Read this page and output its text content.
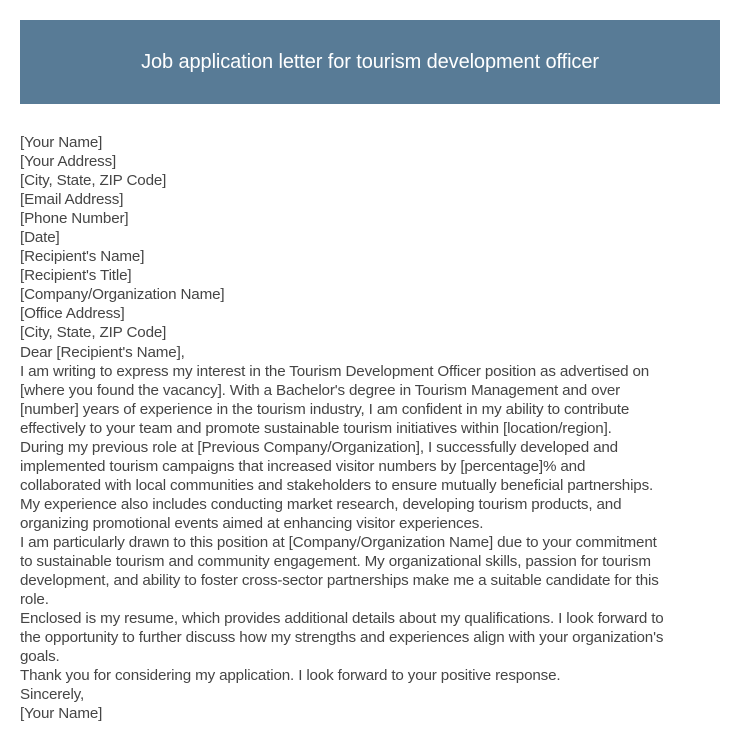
Job application letter for tourism development officer
[Your Name]
[Your Address]
[City, State, ZIP Code]
[Email Address]
[Phone Number]
[Date]
[Recipient's Name]
[Recipient's Title]
[Company/Organization Name]
[Office Address]
[City, State, ZIP Code]
Dear [Recipient's Name],
I am writing to express my interest in the Tourism Development Officer position as advertised on
[where you found the vacancy]. With a Bachelor's degree in Tourism Management and over
[number] years of experience in the tourism industry, I am confident in my ability to contribute
effectively to your team and promote sustainable tourism initiatives within [location/region].
During my previous role at [Previous Company/Organization], I successfully developed and
implemented tourism campaigns that increased visitor numbers by [percentage]% and
collaborated with local communities and stakeholders to ensure mutually beneficial partnerships.
My experience also includes conducting market research, developing tourism products, and
organizing promotional events aimed at enhancing visitor experiences.
I am particularly drawn to this position at [Company/Organization Name] due to your commitment
to sustainable tourism and community engagement. My organizational skills, passion for tourism
development, and ability to foster cross-sector partnerships make me a suitable candidate for this
role.
Enclosed is my resume, which provides additional details about my qualifications. I look forward to
the opportunity to further discuss how my strengths and experiences align with your organization's
goals.
Thank you for considering my application. I look forward to your positive response.
Sincerely,
[Your Name]
